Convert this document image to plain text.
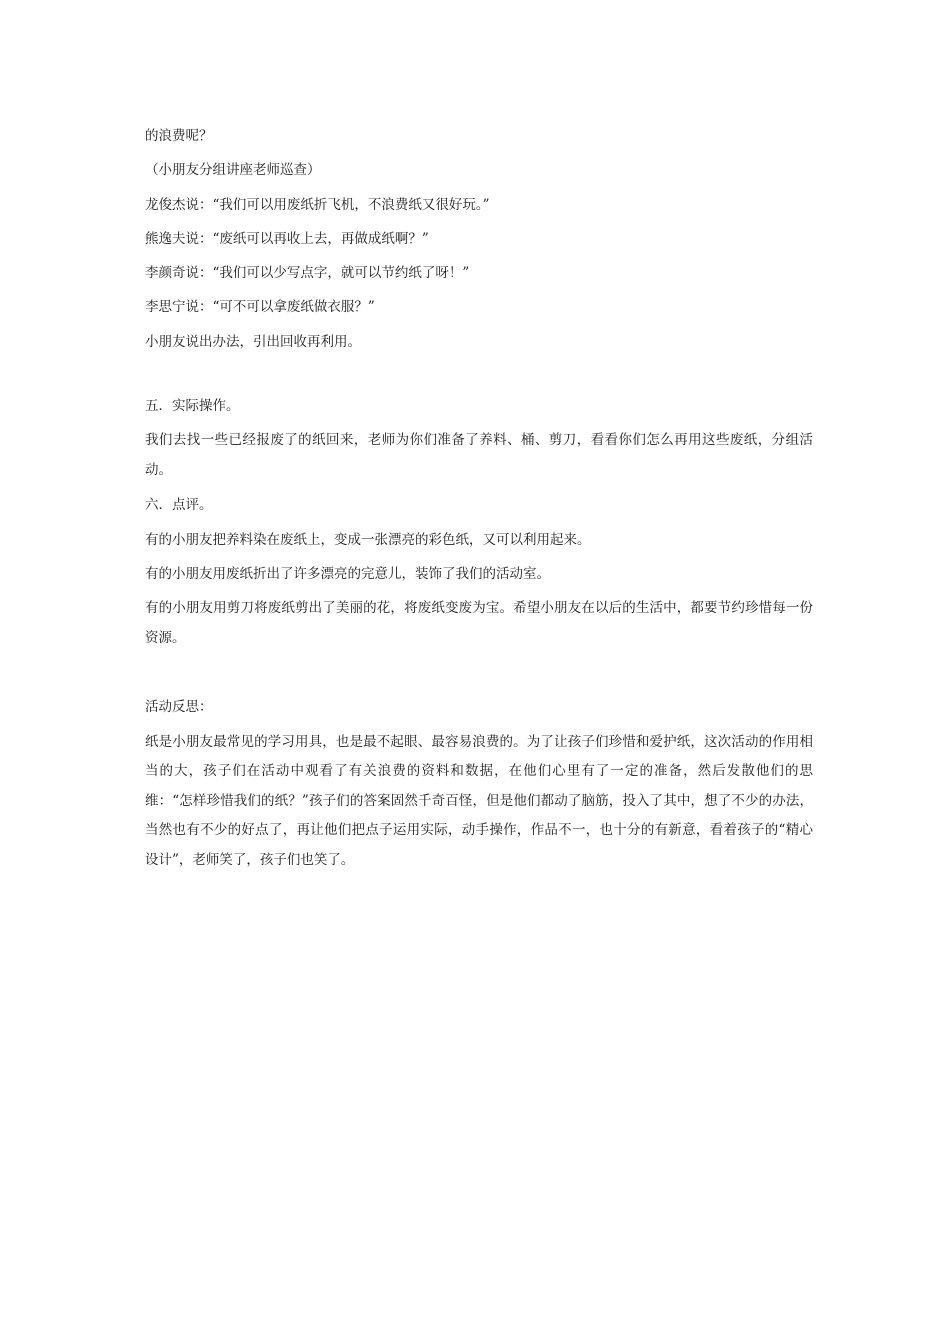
的浪费呢？

（小朋友分组讲座老师巡查）

龙俊杰说：“我们可以用废纸折飞机，不浪费纸又很好玩。”

熊逸夫说：“废纸可以再收上去，再做成纸啊？”

李颜奇说：“我们可以少写点字，就可以节约纸了呀！”

李思宁说：“可不可以拿废纸做衣服？”

小朋友说出办法，引出回收再利用。

五．实际操作。

我们去找一些已经报废了的纸回来，老师为你们准备了养料、桶、剪刀，看看你们怎么再用这些废纸，分组活动。

六．点评。

有的小朋友把养料染在废纸上，变成一张漂亮的彩色纸，又可以利用起来。

有的小朋友用废纸折出了许多漂亮的完意儿，装饰了我们的活动室。

有的小朋友用剪刀将废纸剪出了美丽的花，将废纸变废为宝。希望小朋友在以后的生活中，都要节约珍惜每一份资源。

活动反思：

纸是小朋友最常见的学习用具，也是最不起眼、最容易浪费的。为了让孩子们珍惜和爱护纸，这次活动的作用相当的大，孩子们在活动中观看了有关浪费的资料和数据，在他们心里有了一定的准备，然后发散他们的思维：“怎样珍惜我们的纸？”孩子们的答案固然千奇百怪，但是他们都动了脑筋，投入了其中，想了不少的办法，当然也有不少的好点了，再让他们把点子运用实际，动手操作，作品不一，也十分的有新意，看着孩子的“精心设计”，老师笑了，孩子们也笑了。
